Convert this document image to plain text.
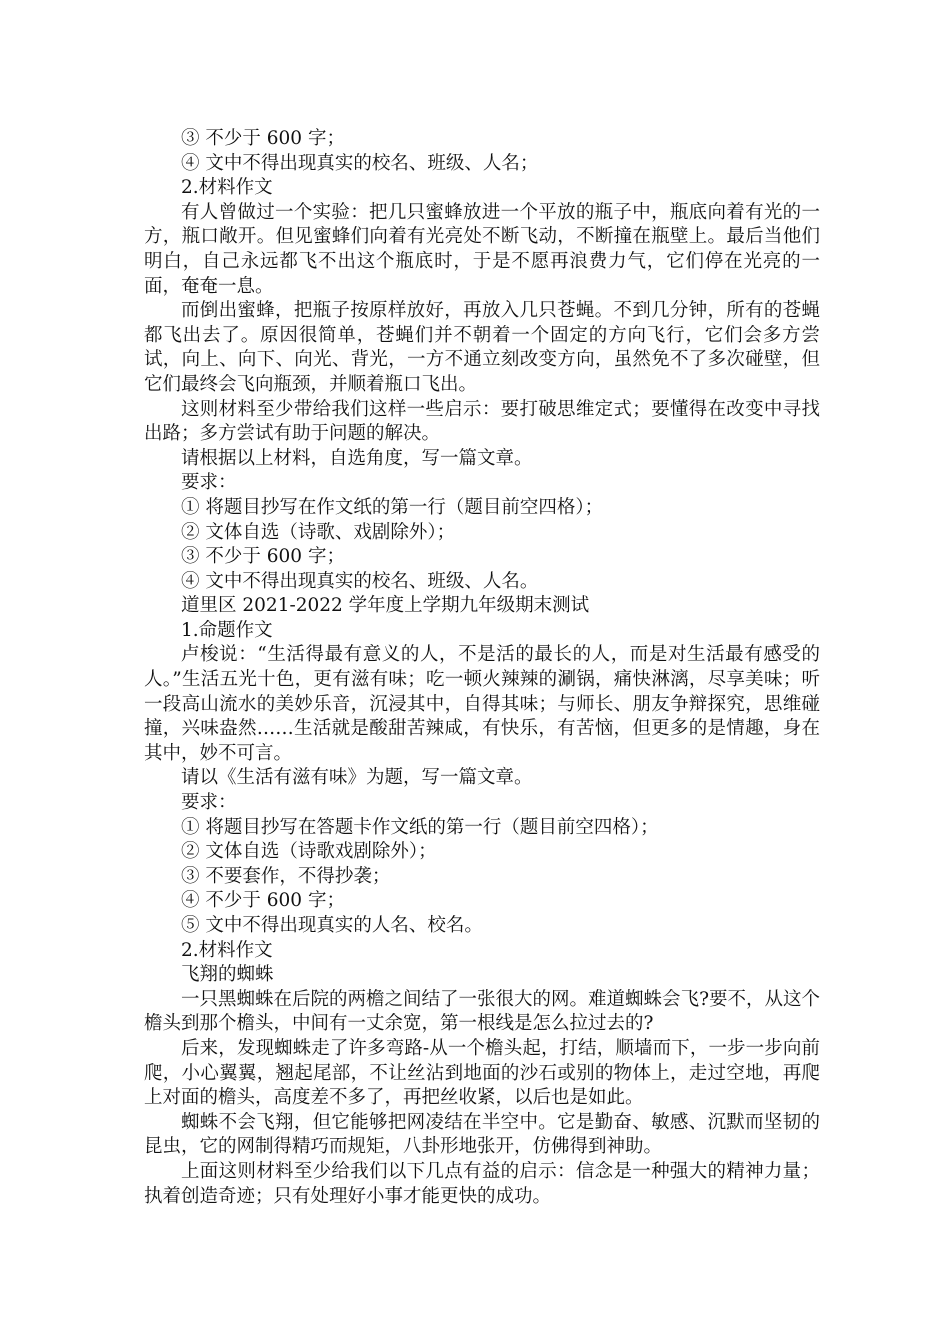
③ 不少于 600 字；

④ 文中不得出现真实的校名、班级、人名；

2.材料作文

有人曾做过一个实验：把几只蜜蜂放进一个平放的瓶子中，瓶底向着有光的一方，瓶口敞开。但见蜜蜂们向着有光亮处不断飞动，不断撞在瓶壁上。最后当他们明白，自己永远都飞不出这个瓶底时，于是不愿再浪费力气，它们停在光亮的一面，奄奄一息。

而倒出蜜蜂，把瓶子按原样放好，再放入几只苍蝇。不到几分钟，所有的苍蝇都飞出去了。原因很简单，苍蝇们并不朝着一个固定的方向飞行，它们会多方尝试，向上、向下、向光、背光，一方不通立刻改变方向，虽然免不了多次碰壁，但它们最终会飞向瓶颈，并顺着瓶口飞出。

这则材料至少带给我们这样一些启示：要打破思维定式；要懂得在改变中寻找出路；多方尝试有助于问题的解决。

请根据以上材料，自选角度，写一篇文章。

要求：

① 将题目抄写在作文纸的第一行（题目前空四格）；

② 文体自选（诗歌、戏剧除外）；

③ 不少于 600 字；

④ 文中不得出现真实的校名、班级、人名。

道里区 2021-2022 学年度上学期九年级期末测试

1.命题作文

卢梭说：“生活得最有意义的人，不是活的最长的人，而是对生活最有感受的人。”生活五光十色，更有滋有味；吃一顿火辣辣的涮锅，痛快淋漓，尽享美味；听一段高山流水的美妙乐音，沉浸其中，自得其味；与师长、朋友争辩探究，思维碰撞，兴味盎然……生活就是酸甜苦辣咸，有快乐，有苦恼，但更多的是情趣，身在其中，妙不可言。

请以《生活有滋有味》为题，写一篇文章。

要求：

① 将题目抄写在答题卡作文纸的第一行（题目前空四格）；

② 文体自选（诗歌戏剧除外）；

③ 不要套作，不得抄袭；

④ 不少于 600 字；

⑤ 文中不得出现真实的人名、校名。

2.材料作文

飞翔的蜘蛛

一只黑蜘蛛在后院的两檐之间结了一张很大的网。难道蜘蛛会飞?要不，从这个檐头到那个檐头，中间有一丈余宽，第一根线是怎么拉过去的?

后来，发现蜘蛛走了许多弯路-从一个檐头起，打结，顺墙而下，一步一步向前爬，小心翼翼，翘起尾部，不让丝沾到地面的沙石或别的物体上，走过空地，再爬上对面的檐头，高度差不多了，再把丝收紧，以后也是如此。

蜘蛛不会飞翔，但它能够把网凌结在半空中。它是勤奋、敏感、沉默而坚韧的昆虫，它的网制得精巧而规矩，八卦形地张开，仿佛得到神助。

上面这则材料至少给我们以下几点有益的启示：信念是一种强大的精神力量；执着创造奇迹；只有处理好小事才能更快的成功。
